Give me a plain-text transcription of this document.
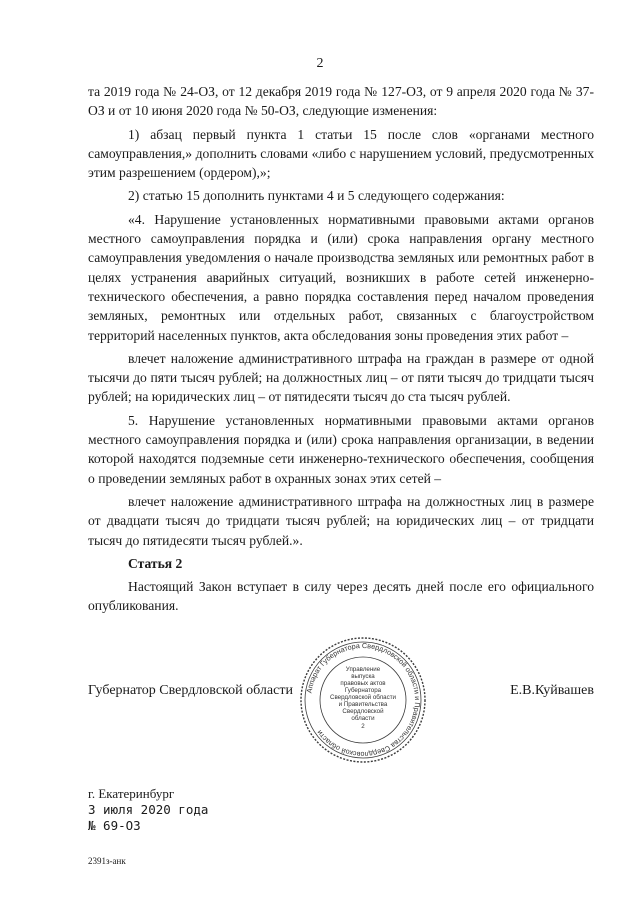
2

та 2019 года № 24-ОЗ, от 12 декабря 2019 года № 127-ОЗ, от 9 апреля 2020 года № 37-ОЗ и от 10 июня 2020 года № 50-ОЗ, следующие изменения:

1) абзац первый пункта 1 статьи 15 после слов «органами местного самоуправления,» дополнить словами «либо с нарушением условий, предусмотренных этим разрешением (ордером),»;

2) статью 15 дополнить пунктами 4 и 5 следующего содержания:

«4. Нарушение установленных нормативными правовыми актами органов местного самоуправления порядка и (или) срока направления органу местного самоуправления уведомления о начале производства земляных или ремонтных работ в целях устранения аварийных ситуаций, возникших в работе сетей инженерно-технического обеспечения, а равно порядка составления перед началом проведения земляных, ремонтных или отдельных работ, связанных с благоустройством территорий населенных пунктов, акта обследования зоны проведения этих работ –

влечет наложение административного штрафа на граждан в размере от одной тысячи до пяти тысяч рублей; на должностных лиц – от пяти тысяч до тридцати тысяч рублей; на юридических лиц – от пятидесяти тысяч до ста тысяч рублей.

5. Нарушение установленных нормативными правовыми актами органов местного самоуправления порядка и (или) срока направления организации, в ведении которой находятся подземные сети инженерно-технического обеспечения, сообщения о проведении земляных работ в охранных зонах этих сетей –

влечет наложение административного штрафа на должностных лиц в размере от двадцати тысяч до тридцати тысяч рублей; на юридических лиц – от тридцати тысяч до пятидесяти тысяч рублей.».

Статья 2

Настоящий Закон вступает в силу через десять дней после его официального опубликования.

Губернатор Свердловской области	Е.В.Куйвашев
Аппарат Губернатора Свердловской области и Правительства Свердловской области
Управление
выпуска
правовых актов
Губернатора
Свердловской области
и Правительства
Свердловской
области
2
г. Екатеринбург
3 июля 2020 года
№ 69-ОЗ
2391з-анк
